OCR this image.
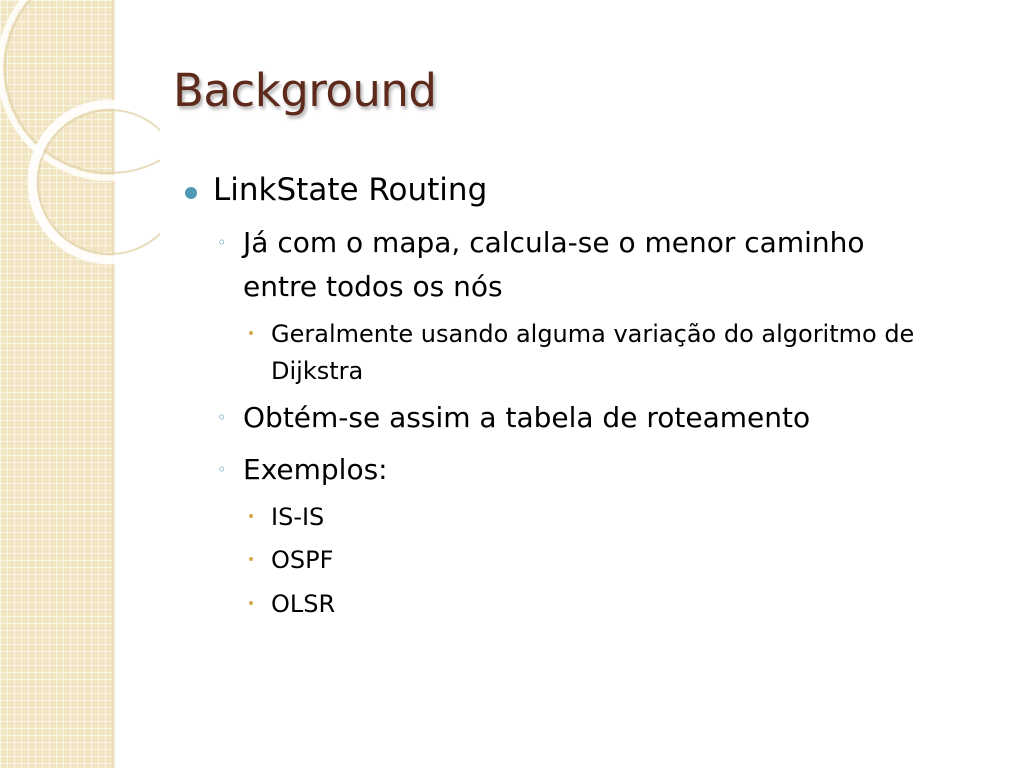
Background
LinkState Routing
◦ Já com o mapa, calcula-se o menor caminho entre todos os nós
Geralmente usando alguma variação do algoritmo de Dijkstra
◦ Obtém-se assim a tabela de roteamento
◦ Exemplos:
IS-IS
OSPF
OLSR
